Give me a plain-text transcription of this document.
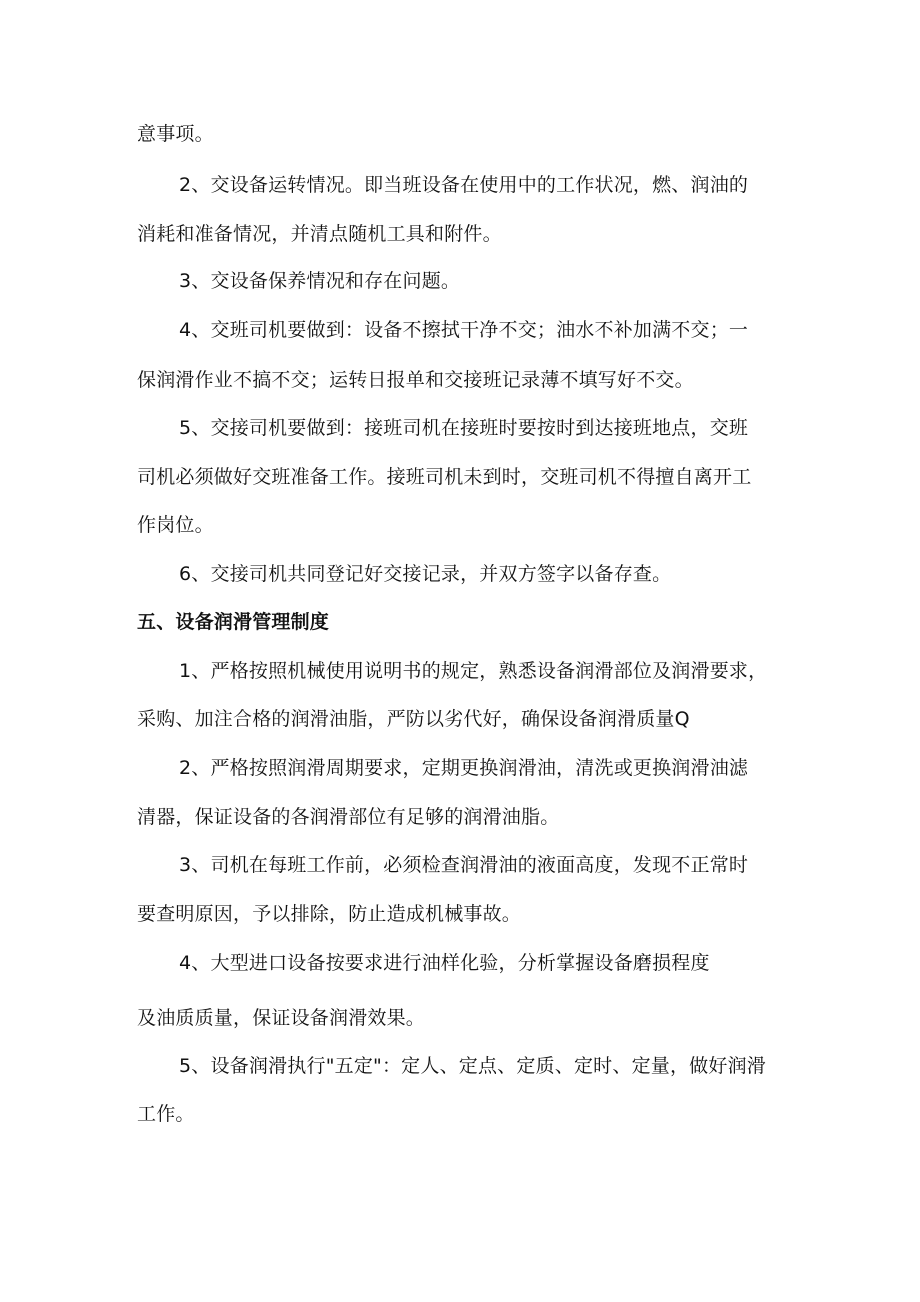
意事项。
2、交设备运转情况。即当班设备在使用中的工作状况，燃、润油的
消耗和准备情况，并清点随机工具和附件。
3、交设备保养情况和存在问题。
4、交班司机要做到：设备不擦拭干净不交；油水不补加满不交；一
保润滑作业不搞不交；运转日报单和交接班记录薄不填写好不交。
5、交接司机要做到：接班司机在接班时要按时到达接班地点，交班
司机必须做好交班准备工作。接班司机未到时，交班司机不得擅自离开工
作岗位。
6、交接司机共同登记好交接记录，并双方签字以备存查。
五、设备润滑管理制度
1、严格按照机械使用说明书的规定，熟悉设备润滑部位及润滑要求，
采购、加注合格的润滑油脂，严防以劣代好，确保设备润滑质量Q
2、严格按照润滑周期要求，定期更换润滑油，清洗或更换润滑油滤
清器，保证设备的各润滑部位有足够的润滑油脂。
3、司机在每班工作前，必须检查润滑油的液面高度，发现不正常时
要查明原因，予以排除，防止造成机械事故。
4、大型进口设备按要求进行油样化验，分析掌握设备磨损程度
及油质质量，保证设备润滑效果。
5、设备润滑执行"五定"：定人、定点、定质、定时、定量，做好润滑
工作。
